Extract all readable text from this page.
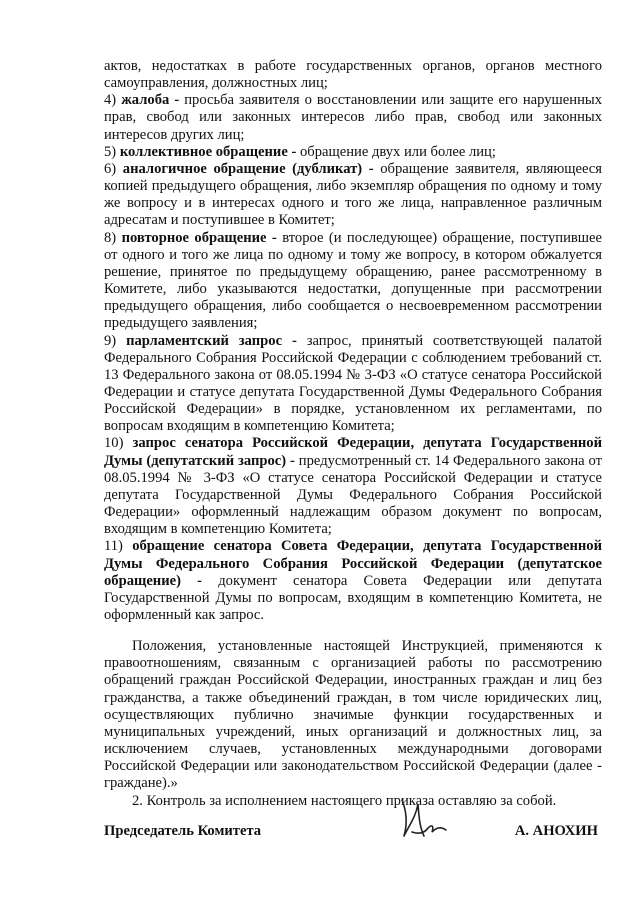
актов, недостатках в работе государственных органов, органов местного самоуправления, должностных лиц;

4) жалоба - просьба заявителя о восстановлении или защите его нарушенных прав, свобод или законных интересов либо прав, свобод или законных интересов других лиц;

5) коллективное обращение - обращение двух или более лиц;

6) аналогичное обращение (дубликат) - обращение заявителя, являющееся копией предыдущего обращения, либо экземпляр обращения по одному и тому же вопросу и в интересах одного и того же лица, направленное различным адресатам и поступившее в Комитет;

8) повторное обращение - второе (и последующее) обращение, поступившее от одного и того же лица по одному и тому же вопросу, в котором обжалуется решение, принятое по предыдущему обращению, ранее рассмотренному в Комитете, либо указываются недостатки, допущенные при рассмотрении предыдущего обращения, либо сообщается о несвоевременном рассмотрении предыдущего заявления;

9) парламентский запрос - запрос, принятый соответствующей палатой Федерального Собрания Российской Федерации с соблюдением требований ст. 13 Федерального закона от 08.05.1994 № 3-ФЗ «О статусе сенатора Российской Федерации и статусе депутата Государственной Думы Федерального Собрания Российской Федерации» в порядке, установленном их регламентами, по вопросам входящим в компетенцию Комитета;

10) запрос сенатора Российской Федерации, депутата Государственной Думы (депутатский запрос) - предусмотренный ст. 14 Федерального закона от 08.05.1994 № 3-ФЗ «О статусе сенатора Российской Федерации и статусе депутата Государственной Думы Федерального Собрания Российской Федерации» оформленный надлежащим образом документ по вопросам, входящим в компетенцию Комитета;

11) обращение сенатора Совета Федерации, депутата Государственной Думы Федерального Собрания Российской Федерации (депутатское обращение) - документ сенатора Совета Федерации или депутата Государственной Думы по вопросам, входящим в компетенцию Комитета, не оформленный как запрос.

Положения, установленные настоящей Инструкцией, применяются к правоотношениям, связанным с организацией работы по рассмотрению обращений граждан Российской Федерации, иностранных граждан и лиц без гражданства, а также объединений граждан, в том числе юридических лиц, осуществляющих публично значимые функции государственных и муниципальных учреждений, иных организаций и должностных лиц, за исключением случаев, установленных международными договорами Российской Федерации или законодательством Российской Федерации (далее - граждане).»

2. Контроль за исполнением настоящего приказа оставляю за собой.

Председатель Комитета	А. АНОХИН
